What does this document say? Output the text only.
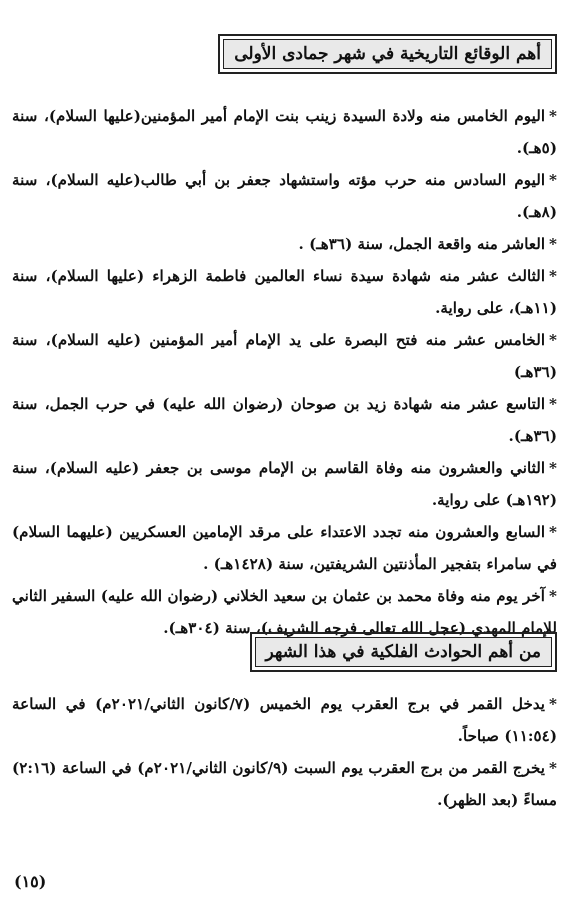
أهم الوقائع التاريخية في شهر جمادى الأولى
*اليوم الخامس منه ولادة السيدة زينب بنت الإمام أمير المؤمنين(عليها السلام)، سنة (٥هـ).
*اليوم السادس منه حرب مؤته واستشهاد جعفر بن أبي طالب(عليه السلام)، سنة (٨هـ).
*العاشر منه واقعة الجمل، سنة (٣٦هـ) .
*الثالث عشر منه شهادة سيدة نساء العالمين فاطمة الزهراء (عليها السلام)، سنة (١١هـ)، على رواية.
*الخامس عشر منه فتح البصرة على يد الإمام أمير المؤمنين (عليه السلام)، سنة (٣٦هـ)
*التاسع عشر منه شهادة زيد بن صوحان (رضوان الله عليه) في حرب الجمل، سنة (٣٦هـ).
*الثاني والعشرون منه وفاة القاسم بن الإمام موسى بن جعفر (عليه السلام)، سنة (١٩٢هـ) على رواية.
*السابع والعشرون منه تجدد الاعتداء على مرقد الإمامين العسكريين (عليهما السلام) في سامراء بتفجير المأذنتين الشريفتين، سنة (١٤٢٨هـ) .
*آخر يوم منه وفاة محمد بن عثمان بن سعيد الخلاني (رضوان الله عليه) السفير الثاني للإمام المهدي (عجل الله تعالى فرجه الشريف)، سنة (٣٠٤هـ).
من أهم الحوادث الفلكية في هذا الشهر
*يدخل القمر في برج العقرب يوم الخميس (٧/كانون الثاني/٢٠٢١م) في الساعة (١١:٥٤) صباحاً.
*يخرج القمر من برج العقرب يوم السبت (٩/كانون الثاني/٢٠٢١م) في الساعة (٢:١٦) مساءً (بعد الظهر).
(١٥)
